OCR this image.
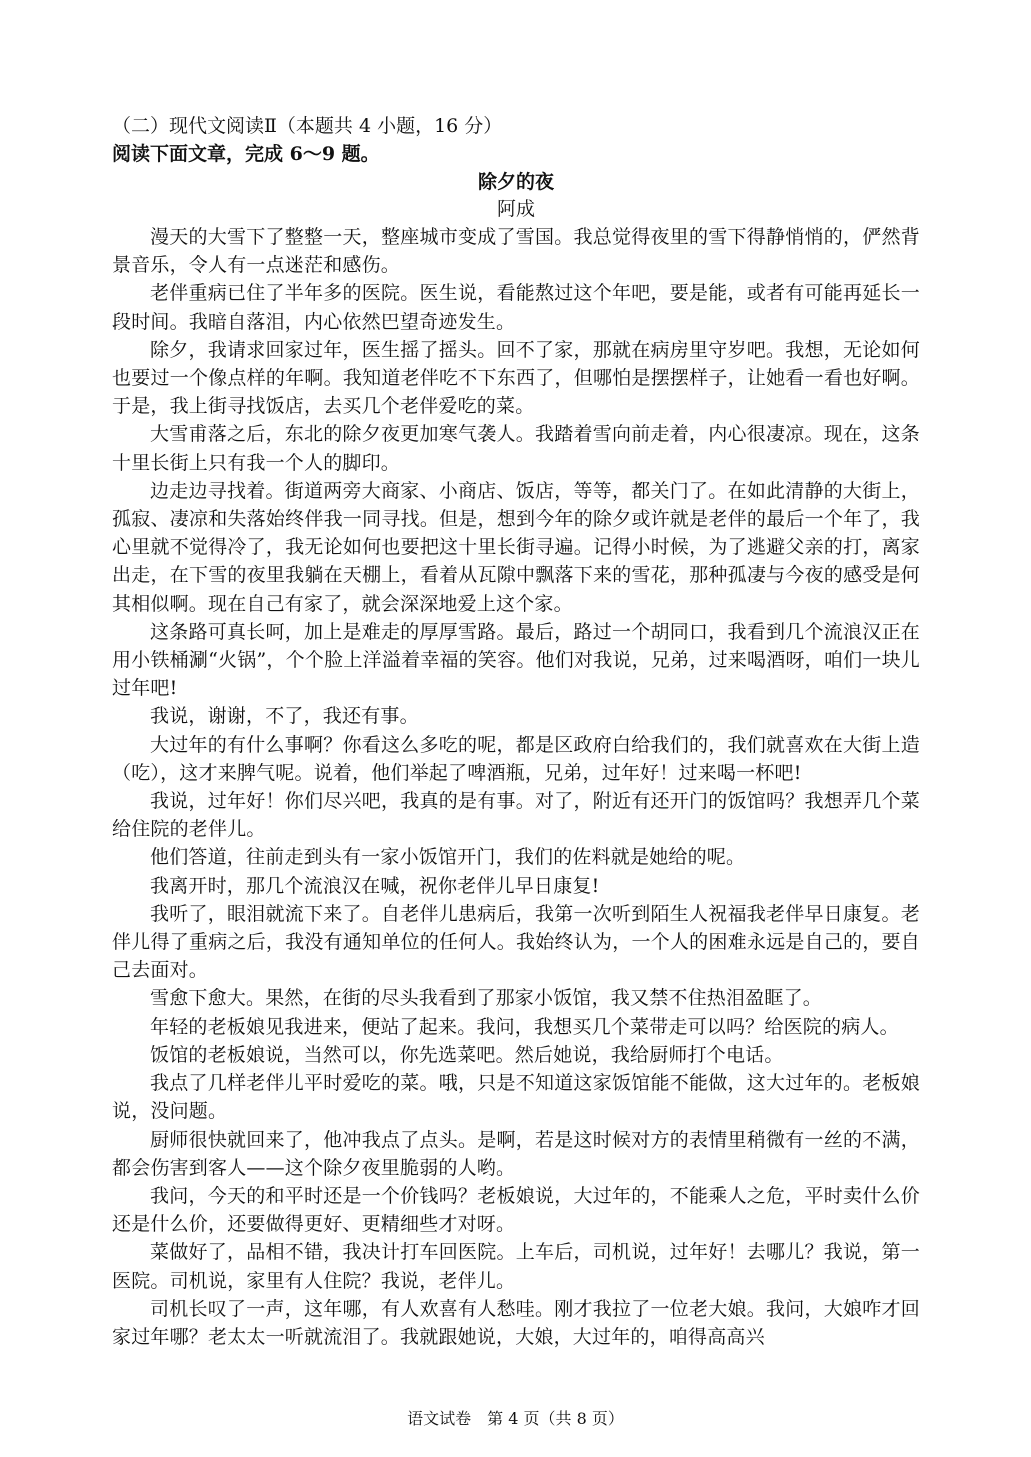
（二）现代文阅读Ⅱ（本题共 4 小题，16 分）

阅读下面文章，完成 6～9 题。

除夕的夜

阿成

漫天的大雪下了整整一天，整座城市变成了雪国。我总觉得夜里的雪下得静悄悄的，俨然背景音乐，令人有一点迷茫和感伤。

老伴重病已住了半年多的医院。医生说，看能熬过这个年吧，要是能，或者有可能再延长一段时间。我暗自落泪，内心依然巴望奇迹发生。

除夕，我请求回家过年，医生摇了摇头。回不了家，那就在病房里守岁吧。我想，无论如何也要过一个像点样的年啊。我知道老伴吃不下东西了，但哪怕是摆摆样子，让她看一看也好啊。于是，我上街寻找饭店，去买几个老伴爱吃的菜。

大雪甫落之后，东北的除夕夜更加寒气袭人。我踏着雪向前走着，内心很凄凉。现在，这条十里长街上只有我一个人的脚印。

边走边寻找着。街道两旁大商家、小商店、饭店，等等，都关门了。在如此清静的大街上，孤寂、凄凉和失落始终伴我一同寻找。但是，想到今年的除夕或许就是老伴的最后一个年了，我心里就不觉得冷了，我无论如何也要把这十里长街寻遍。记得小时候，为了逃避父亲的打，离家出走，在下雪的夜里我躺在天棚上，看着从瓦隙中飘落下来的雪花，那种孤凄与今夜的感受是何其相似啊。现在自己有家了，就会深深地爱上这个家。

这条路可真长呵，加上是难走的厚厚雪路。最后，路过一个胡同口，我看到几个流浪汉正在用小铁桶涮“火锅”，个个脸上洋溢着幸福的笑容。他们对我说，兄弟，过来喝酒呀，咱们一块儿过年吧!

我说，谢谢，不了，我还有事。

大过年的有什么事啊？你看这么多吃的呢，都是区政府白给我们的，我们就喜欢在大街上造（吃），这才来脾气呢。说着，他们举起了啤酒瓶，兄弟，过年好！过来喝一杯吧!

我说，过年好！你们尽兴吧，我真的是有事。对了，附近有还开门的饭馆吗？我想弄几个菜给住院的老伴儿。

他们答道，往前走到头有一家小饭馆开门，我们的佐料就是她给的呢。

我离开时，那几个流浪汉在喊，祝你老伴儿早日康复!

我听了，眼泪就流下来了。自老伴儿患病后，我第一次听到陌生人祝福我老伴早日康复。老伴儿得了重病之后，我没有通知单位的任何人。我始终认为，一个人的困难永远是自己的，要自己去面对。

雪愈下愈大。果然，在街的尽头我看到了那家小饭馆，我又禁不住热泪盈眶了。

年轻的老板娘见我进来，便站了起来。我问，我想买几个菜带走可以吗？给医院的病人。

饭馆的老板娘说，当然可以，你先选菜吧。然后她说，我给厨师打个电话。

我点了几样老伴儿平时爱吃的菜。哦，只是不知道这家饭馆能不能做，这大过年的。老板娘说，没问题。

厨师很快就回来了，他冲我点了点头。是啊，若是这时候对方的表情里稍微有一丝的不满，都会伤害到客人——这个除夕夜里脆弱的人哟。

我问，今天的和平时还是一个价钱吗？老板娘说，大过年的，不能乘人之危，平时卖什么价还是什么价，还要做得更好、更精细些才对呀。

菜做好了，品相不错，我决计打车回医院。上车后，司机说，过年好！去哪儿？我说，第一医院。司机说，家里有人住院？我说，老伴儿。

司机长叹了一声，这年哪，有人欢喜有人愁哇。刚才我拉了一位老大娘。我问，大娘咋才回家过年哪？老太太一听就流泪了。我就跟她说，大娘，大过年的，咱得高高兴

语文试卷　第 4 页（共 8 页）
